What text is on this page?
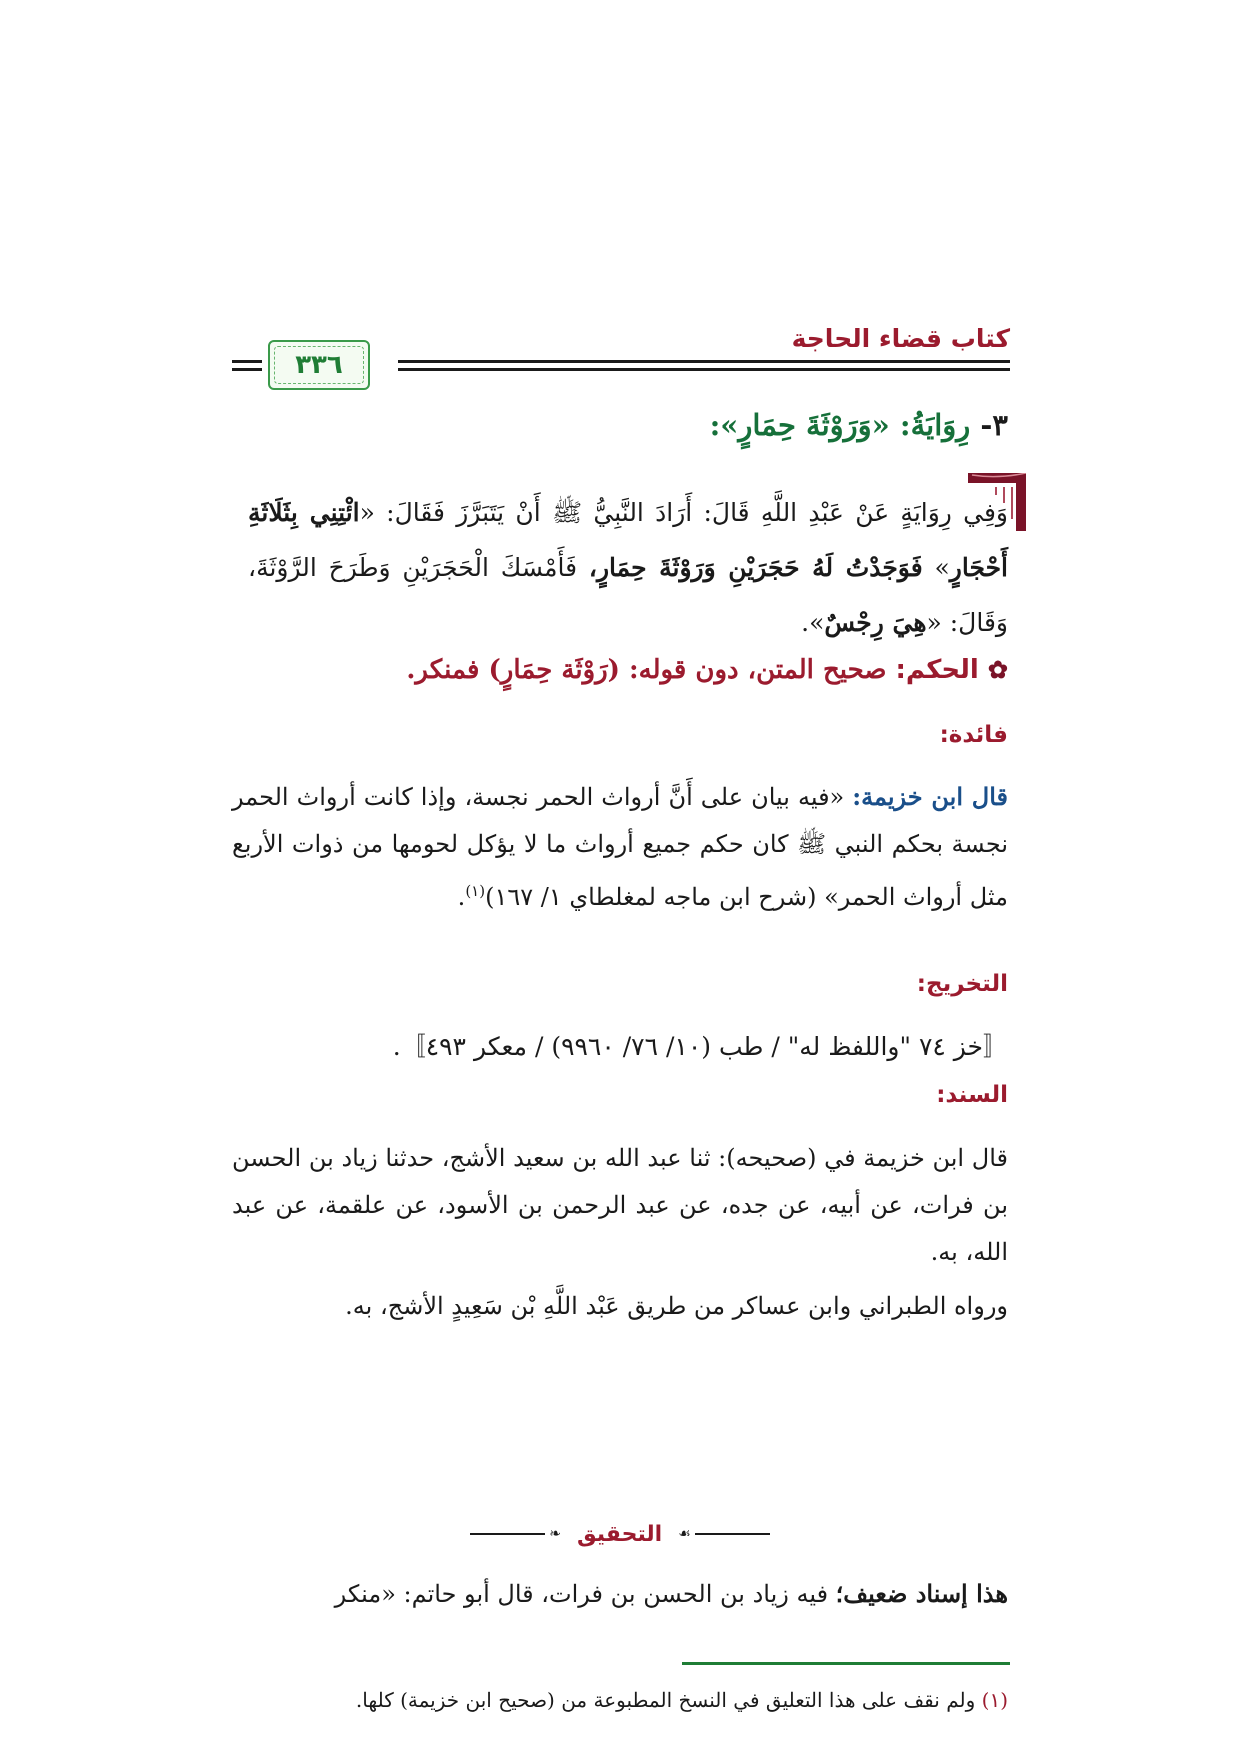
كتاب قضاء الحاجة
٣٣٦
٣- رِوَايَةُ: «وَرَوْثَةَ حِمَارٍ»:
وَفِي رِوَايَةٍ عَنْ عَبْدِ اللَّهِ قَالَ: أَرَادَ النَّبِيُّ ﷺ أَنْ يَتَبَرَّزَ فَقَالَ: «ائْتِنِي بِثَلَاثَةِ أَحْجَارٍ» فَوَجَدْتُ لَهُ حَجَرَيْنِ وَرَوْثَةَ حِمَارٍ، فَأَمْسَكَ الْحَجَرَيْنِ وَطَرَحَ الرَّوْثَةَ، وَقَالَ: «هِيَ رِجْسٌ».
✿ الحكم: صحيح المتن، دون قوله: (رَوْثَة حِمَارٍ) فمنكر.
فائدة:
قال ابن خزيمة: «فيه بيان على أَنَّ أرواث الحمر نجسة، وإذا كانت أرواث الحمر نجسة بحكم النبي ﷺ كان حكم جميع أرواث ما لا يؤكل لحومها من ذوات الأربع مثل أرواث الحمر» (شرح ابن ماجه لمغلطاي ١/ ١٦٧)$^{(١)}$.
التخريج:
〚خز ٧٤ "واللفظ له" / طب (١٠/ ٧٦/ ٩٩٦٠) / معكر ٤٩٣〛.
السند:
قال ابن خزيمة في (صحيحه): ثنا عبد الله بن سعيد الأشج، حدثنا زياد بن الحسن بن فرات، عن أبيه، عن جده، عن عبد الرحمن بن الأسود، عن علقمة، عن عبد الله، به.
ورواه الطبراني وابن عساكر من طريق عَبْد اللَّهِ بْن سَعِيدٍ الأشج، به.
❧ التحقيق	☙
هذا إسناد ضعيف؛ فيه زياد بن الحسن بن فرات، قال أبو حاتم: «منكر
(١) ولم نقف على هذا التعليق في النسخ المطبوعة من (صحيح ابن خزيمة) كلها.
